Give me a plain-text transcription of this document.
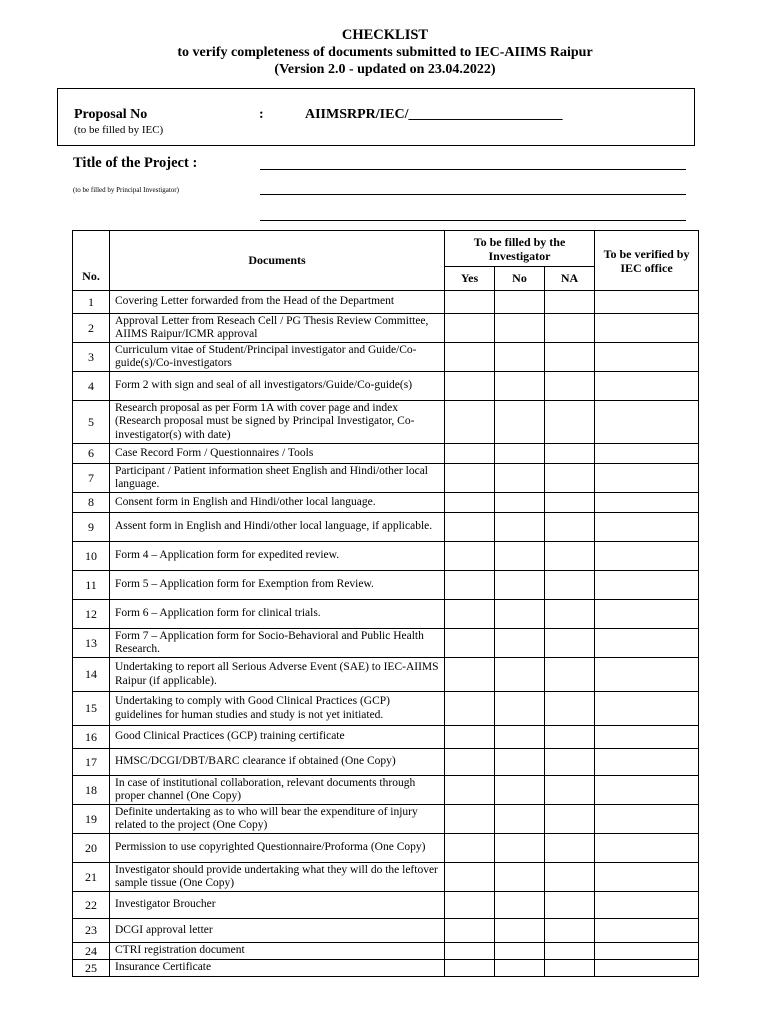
CHECKLIST
to verify completeness of documents submitted to IEC-AIIMS Raipur
(Version 2.0 - updated on 23.04.2022)
Proposal No
(to be filled by IEC)
:	AIIMSRPR/IEC/______________________
Title of the Project :
(to be filled by Principal Investigator)
No.	Documents	To be filled by the Investigator			To be verified by IEC office
		Yes	No	NA	
1	Covering Letter forwarded from the Head of the Department				
2	Approval Letter from Reseach Cell / PG Thesis Review Committee, AIIMS Raipur/ICMR approval				
3	Curriculum vitae of Student/Principal investigator and Guide/Co-guide(s)/Co-investigators				
4	Form 2 with sign and seal of all investigators/Guide/Co-guide(s)				
5	Research proposal as per Form 1A with cover page and index (Research proposal must be signed by Principal Investigator, Co-investigator(s) with date)				
6	Case Record Form / Questionnaires / Tools				
7	Participant / Patient information sheet English and Hindi/other local language.				
8	Consent form in English and Hindi/other local language.				
9	Assent form in English and Hindi/other local language, if applicable.				
10	Form 4 – Application form for expedited review.				
11	Form 5 – Application form for Exemption from Review.				
12	Form 6 – Application form for clinical trials.				
13	Form 7 – Application form for Socio-Behavioral and Public Health Research.				
14	Undertaking to report all Serious Adverse Event (SAE) to IEC-AIIMS Raipur (if applicable).				
15	Undertaking to comply with Good Clinical Practices (GCP) guidelines for human studies and study is not yet initiated.				
16	Good Clinical Practices (GCP) training certificate				
17	HMSC/DCGI/DBT/BARC clearance if obtained (One Copy)				
18	In case of institutional collaboration, relevant documents through proper channel (One Copy)				
19	Definite undertaking as to who will bear the expenditure of injury related to the project (One Copy)				
20	Permission to use copyrighted Questionnaire/Proforma (One Copy)				
21	Investigator should provide undertaking what they will do the leftover sample tissue (One Copy)				
22	Investigator Broucher				
23	DCGI approval letter				
24	CTRI registration document				
25	Insurance Certificate				
